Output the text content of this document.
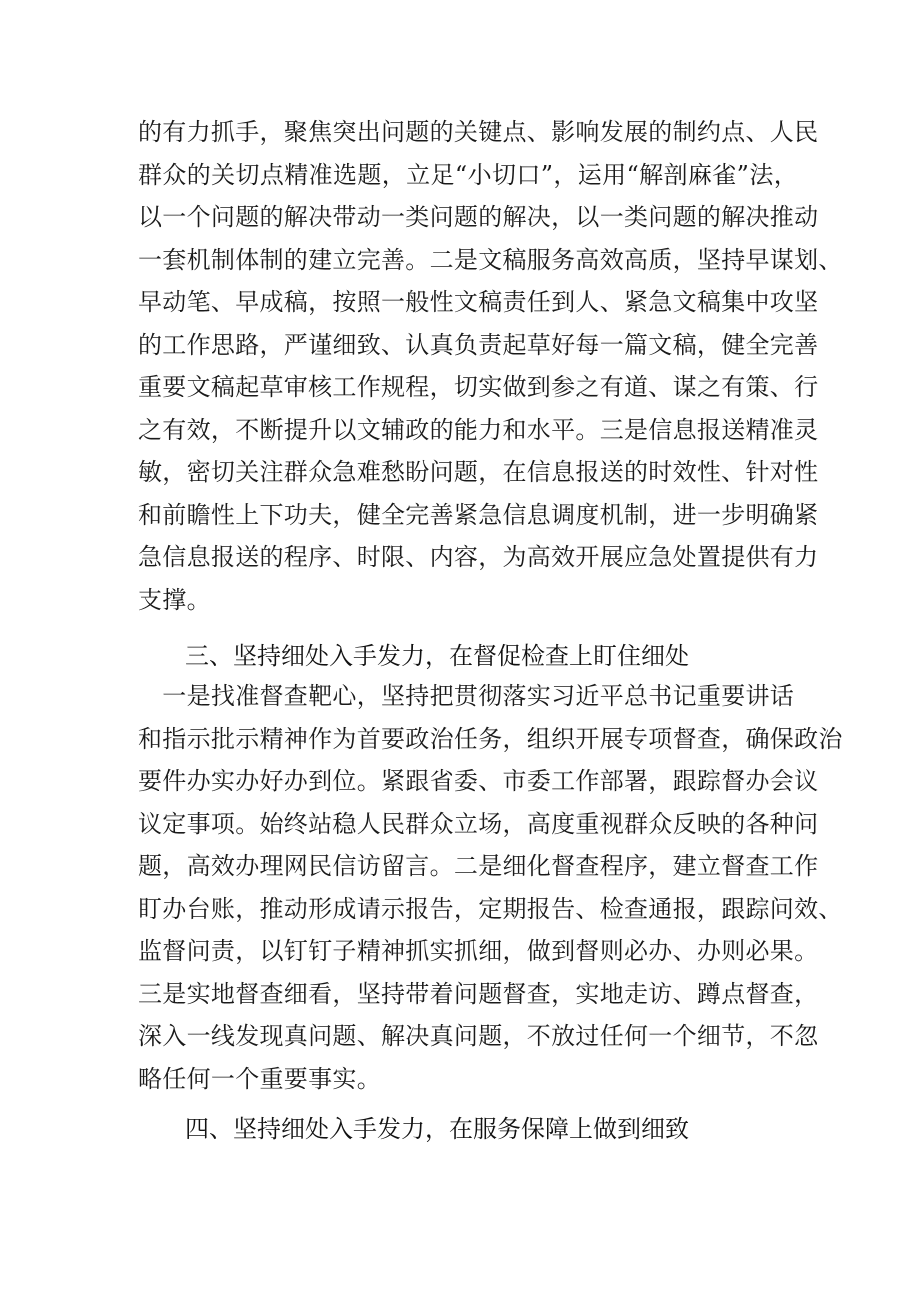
的有力抓手，聚焦突出问题的关键点、影响发展的制约点、人民
群众的关切点精准选题，立足“小切口”，运用“解剖麻雀”法，
以一个问题的解决带动一类问题的解决，以一类问题的解决推动
一套机制体制的建立完善。二是文稿服务高效高质，坚持早谋划、
早动笔、早成稿，按照一般性文稿责任到人、紧急文稿集中攻坚
的工作思路，严谨细致、认真负责起草好每一篇文稿，健全完善
重要文稿起草审核工作规程，切实做到参之有道、谋之有策、行
之有效，不断提升以文辅政的能力和水平。三是信息报送精准灵
敏，密切关注群众急难愁盼问题，在信息报送的时效性、针对性
和前瞻性上下功夫，健全完善紧急信息调度机制，进一步明确紧
急信息报送的程序、时限、内容，为高效开展应急处置提供有力
支撑。
三、坚持细处入手发力，在督促检查上盯住细处
　一是找准督查靶心，坚持把贯彻落实习近平总书记重要讲话
和指示批示精神作为首要政治任务，组织开展专项督查，确保政治
要件办实办好办到位。紧跟省委、市委工作部署，跟踪督办会议
议定事项。始终站稳人民群众立场，高度重视群众反映的各种问
题，高效办理网民信访留言。二是细化督查程序，建立督查工作
盯办台账，推动形成请示报告，定期报告、检查通报，跟踪问效、
监督问责，以钉钉子精神抓实抓细，做到督则必办、办则必果。
三是实地督查细看，坚持带着问题督查，实地走访、蹲点督查，
深入一线发现真问题、解决真问题，不放过任何一个细节，不忽
略任何一个重要事实。
四、坚持细处入手发力，在服务保障上做到细致
